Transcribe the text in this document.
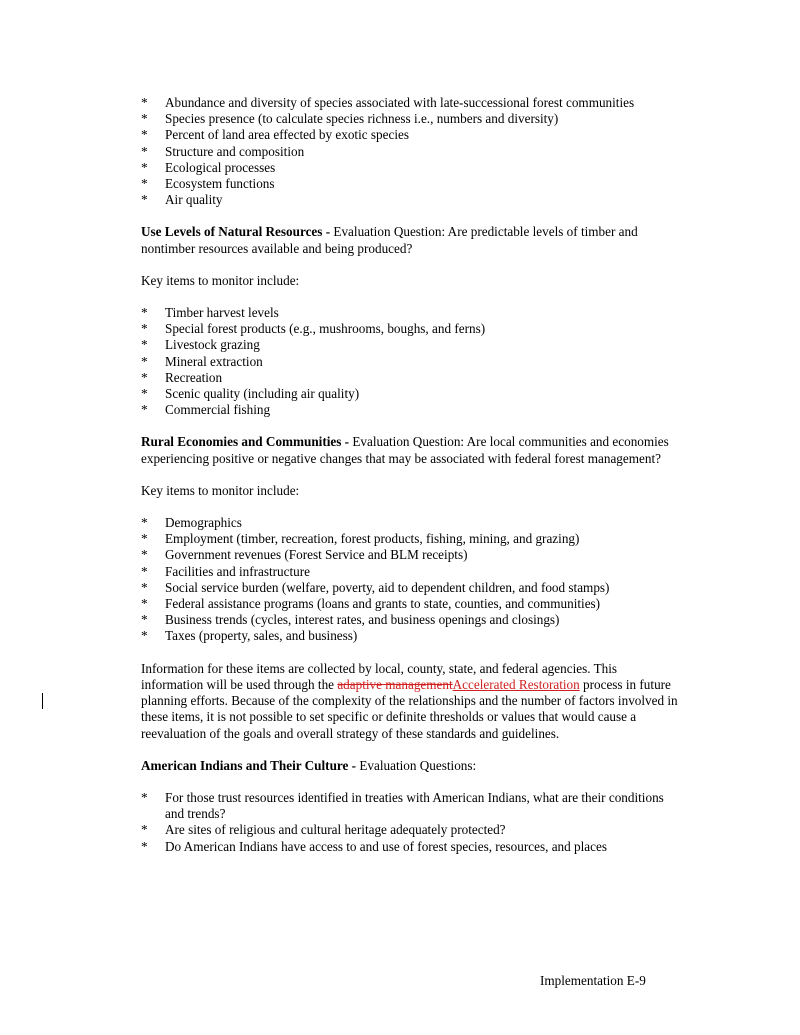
* Abundance and diversity of species associated with late-successional forest communities
* Species presence (to calculate species richness i.e., numbers and diversity)
* Percent of land area effected by exotic species
* Structure and composition
* Ecological processes
* Ecosystem functions
* Air quality

Use Levels of Natural Resources - Evaluation Question: Are predictable levels of timber and nontimber resources available and being produced?

Key items to monitor include:

* Timber harvest levels
* Special forest products (e.g., mushrooms, boughs, and ferns)
* Livestock grazing
* Mineral extraction
* Recreation
* Scenic quality (including air quality)
* Commercial fishing

Rural Economies and Communities - Evaluation Question: Are local communities and economies experiencing positive or negative changes that may be associated with federal forest management?

Key items to monitor include:

* Demographics
* Employment (timber, recreation, forest products, fishing, mining, and grazing)
* Government revenues (Forest Service and BLM receipts)
* Facilities and infrastructure
* Social service burden (welfare, poverty, aid to dependent children, and food stamps)
* Federal assistance programs (loans and grants to state, counties, and communities)
* Business trends (cycles, interest rates, and business openings and closings)
* Taxes (property, sales, and business)

Information for these items are collected by local, county, state, and federal agencies. This information will be used through the adaptive managementAccelerated Restoration process in future planning efforts. Because of the complexity of the relationships and the number of factors involved in these items, it is not possible to set specific or definite thresholds or values that would cause a reevaluation of the goals and overall strategy of these standards and guidelines.

American Indians and Their Culture - Evaluation Questions:

* For those trust resources identified in treaties with American Indians, what are their conditions and trends?
* Are sites of religious and cultural heritage adequately protected?
* Do American Indians have access to and use of forest species, resources, and places
Implementation E-9
